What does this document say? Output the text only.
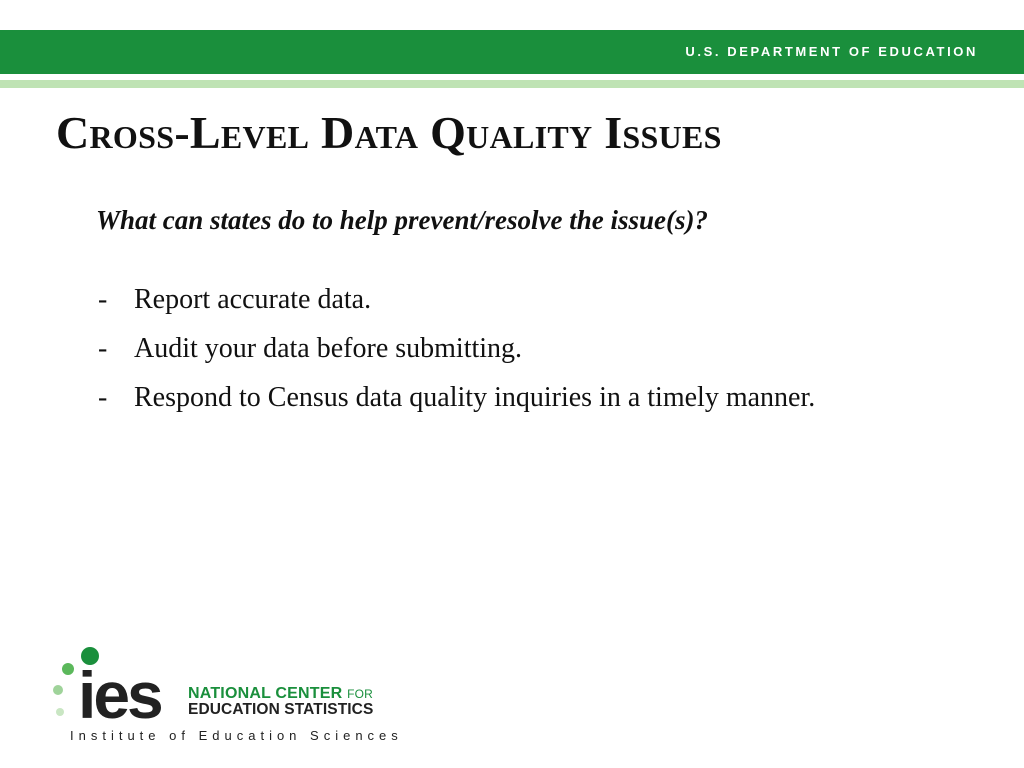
U.S. DEPARTMENT OF EDUCATION
Cross-Level Data Quality Issues
What can states do to help prevent/resolve the issue(s)?
- Report accurate data.
- Audit your data before submitting.
- Respond to Census data quality inquiries in a timely manner.
ies NATIONAL CENTER FOR
EDUCATION STATISTICS
Institute of Education Sciences
